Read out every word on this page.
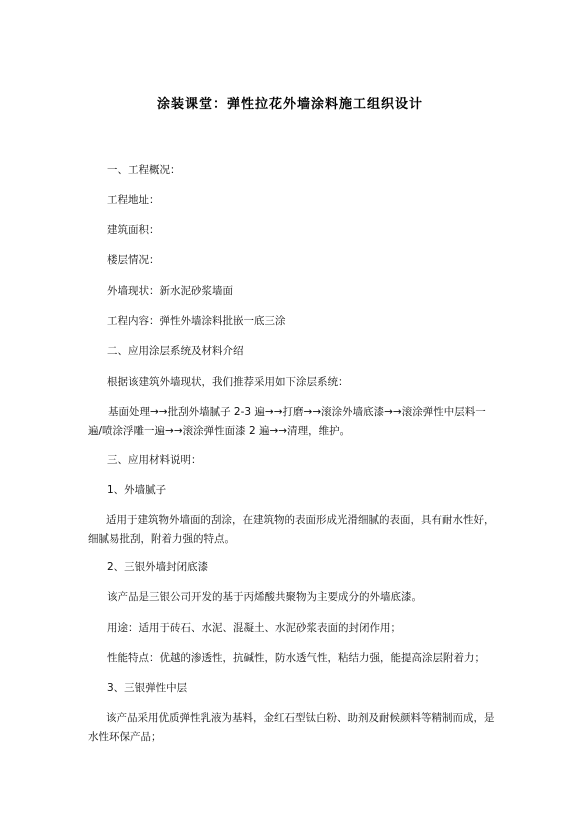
涂装课堂：弹性拉花外墙涂料施工组织设计
一、工程概况：
工程地址：
建筑面积：
楼层情况：
外墙现状：新水泥砂浆墙面
工程内容：弹性外墙涂料批嵌一底三涂
二、应用涂层系统及材料介绍
根据该建筑外墙现状，我们推荐采用如下涂层系统：
基面处理→→批刮外墙腻子 2-3 遍→→打磨→→滚涂外墙底漆→→滚涂弹性中层料一遍/喷涂浮雕一遍→→滚涂弹性面漆 2 遍→→清理，维护。
三、应用材料说明：
1、外墙腻子
适用于建筑物外墙面的刮涂，在建筑物的表面形成光滑细腻的表面，具有耐水性好，细腻易批刮，附着力强的特点。
2、三银外墙封闭底漆
该产品是三银公司开发的基于丙烯酸共聚物为主要成分的外墙底漆。
用途：适用于砖石、水泥、混凝土、水泥砂浆表面的封闭作用；
性能特点：优越的渗透性，抗碱性，防水透气性，粘结力强，能提高涂层附着力；
3、三银弹性中层
该产品采用优质弹性乳液为基料，金红石型钛白粉、助剂及耐候颜料等精制而成，是水性环保产品；
